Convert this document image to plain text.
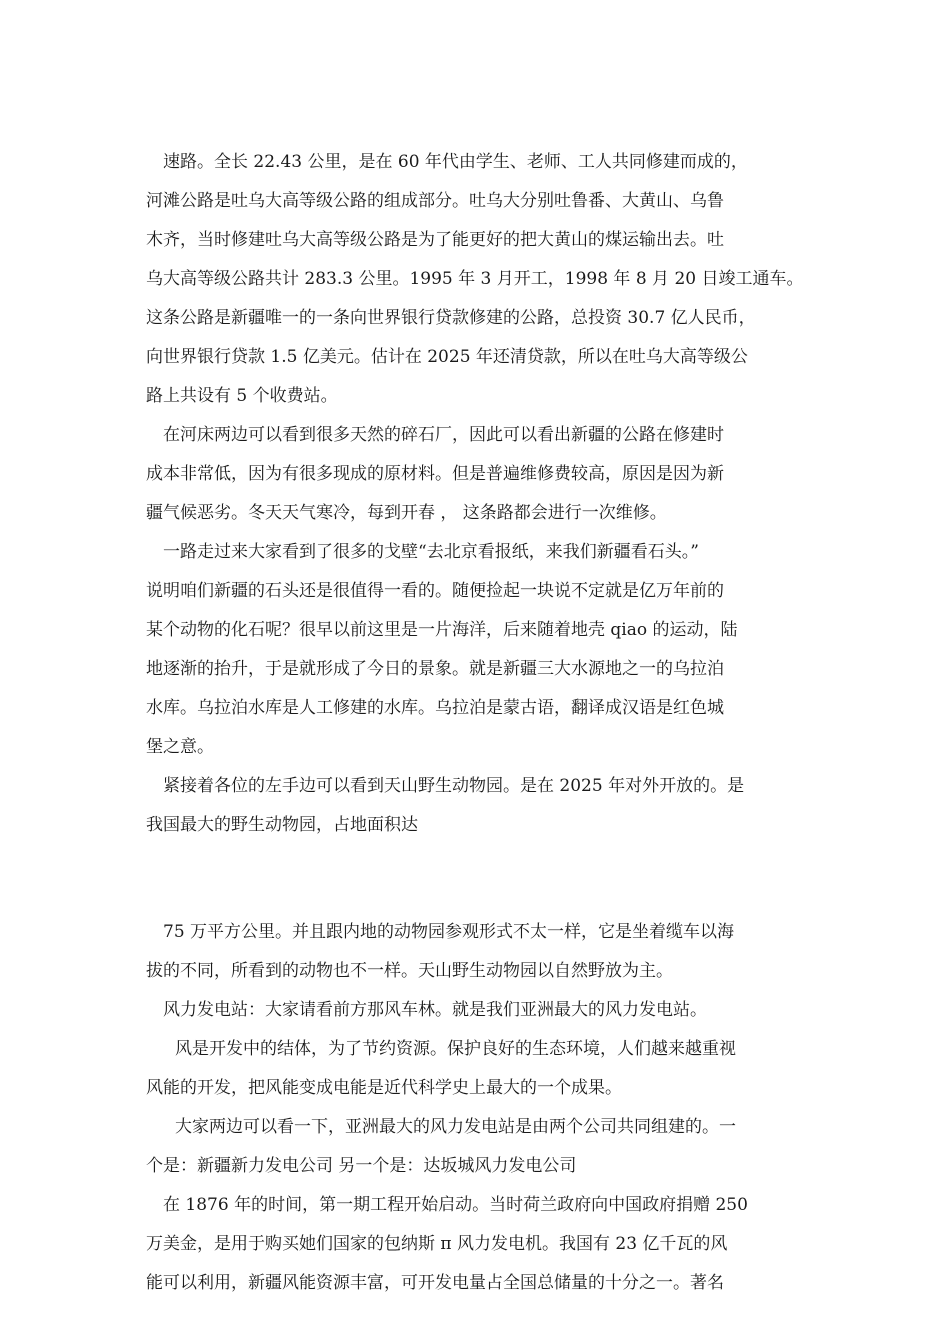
速路。全长 22.43 公里，是在 60 年代由学生、老师、工人共同修建而成的，
河滩公路是吐乌大高等级公路的组成部分。吐乌大分别吐鲁番、大黄山、乌鲁
木齐，当时修建吐乌大高等级公路是为了能更好的把大黄山的煤运输出去。吐
乌大高等级公路共计 283.3 公里。1995 年 3 月开工，1998 年 8 月 20 日竣工通车。
这条公路是新疆唯一的一条向世界银行贷款修建的公路，总投资 30.7 亿人民币，
向世界银行贷款 1.5 亿美元。估计在 2025 年还清贷款，所以在吐乌大高等级公
路上共设有 5 个收费站。
在河床两边可以看到很多天然的碎石厂，因此可以看出新疆的公路在修建时
成本非常低，因为有很多现成的原材料。但是普遍维修费较高，原因是因为新
疆气候恶劣。冬天天气寒冷，每到开春 ， 这条路都会进行一次维修。
一路走过来大家看到了很多的戈壁“去北京看报纸，来我们新疆看石头。”
说明咱们新疆的石头还是很值得一看的。随便捡起一块说不定就是亿万年前的
某个动物的化石呢？很早以前这里是一片海洋，后来随着地壳 qiao 的运动，陆
地逐渐的抬升，于是就形成了今日的景象。就是新疆三大水源地之一的乌拉泊
水库。乌拉泊水库是人工修建的水库。乌拉泊是蒙古语，翻译成汉语是红色城
堡之意。
紧接着各位的左手边可以看到天山野生动物园。是在 2025 年对外开放的。是
我国最大的野生动物园，占地面积达
75 万平方公里。并且跟内地的动物园参观形式不太一样，它是坐着缆车以海
拔的不同，所看到的动物也不一样。天山野生动物园以自然野放为主。
风力发电站：大家请看前方那风车林。就是我们亚洲最大的风力发电站。
风是开发中的结体，为了节约资源。保护良好的生态环境，人们越来越重视
风能的开发，把风能变成电能是近代科学史上最大的一个成果。
大家两边可以看一下，亚洲最大的风力发电站是由两个公司共同组建的。一
个是：新疆新力发电公司 另一个是：达坂城风力发电公司
在 1876 年的时间，第一期工程开始启动。当时荷兰政府向中国政府捐赠 250
万美金，是用于购买她们国家的包纳斯 π 风力发电机。我国有 23 亿千瓦的风
能可以利用，新疆风能资源丰富，可开发电量占全国总储量的十分之一。著名
